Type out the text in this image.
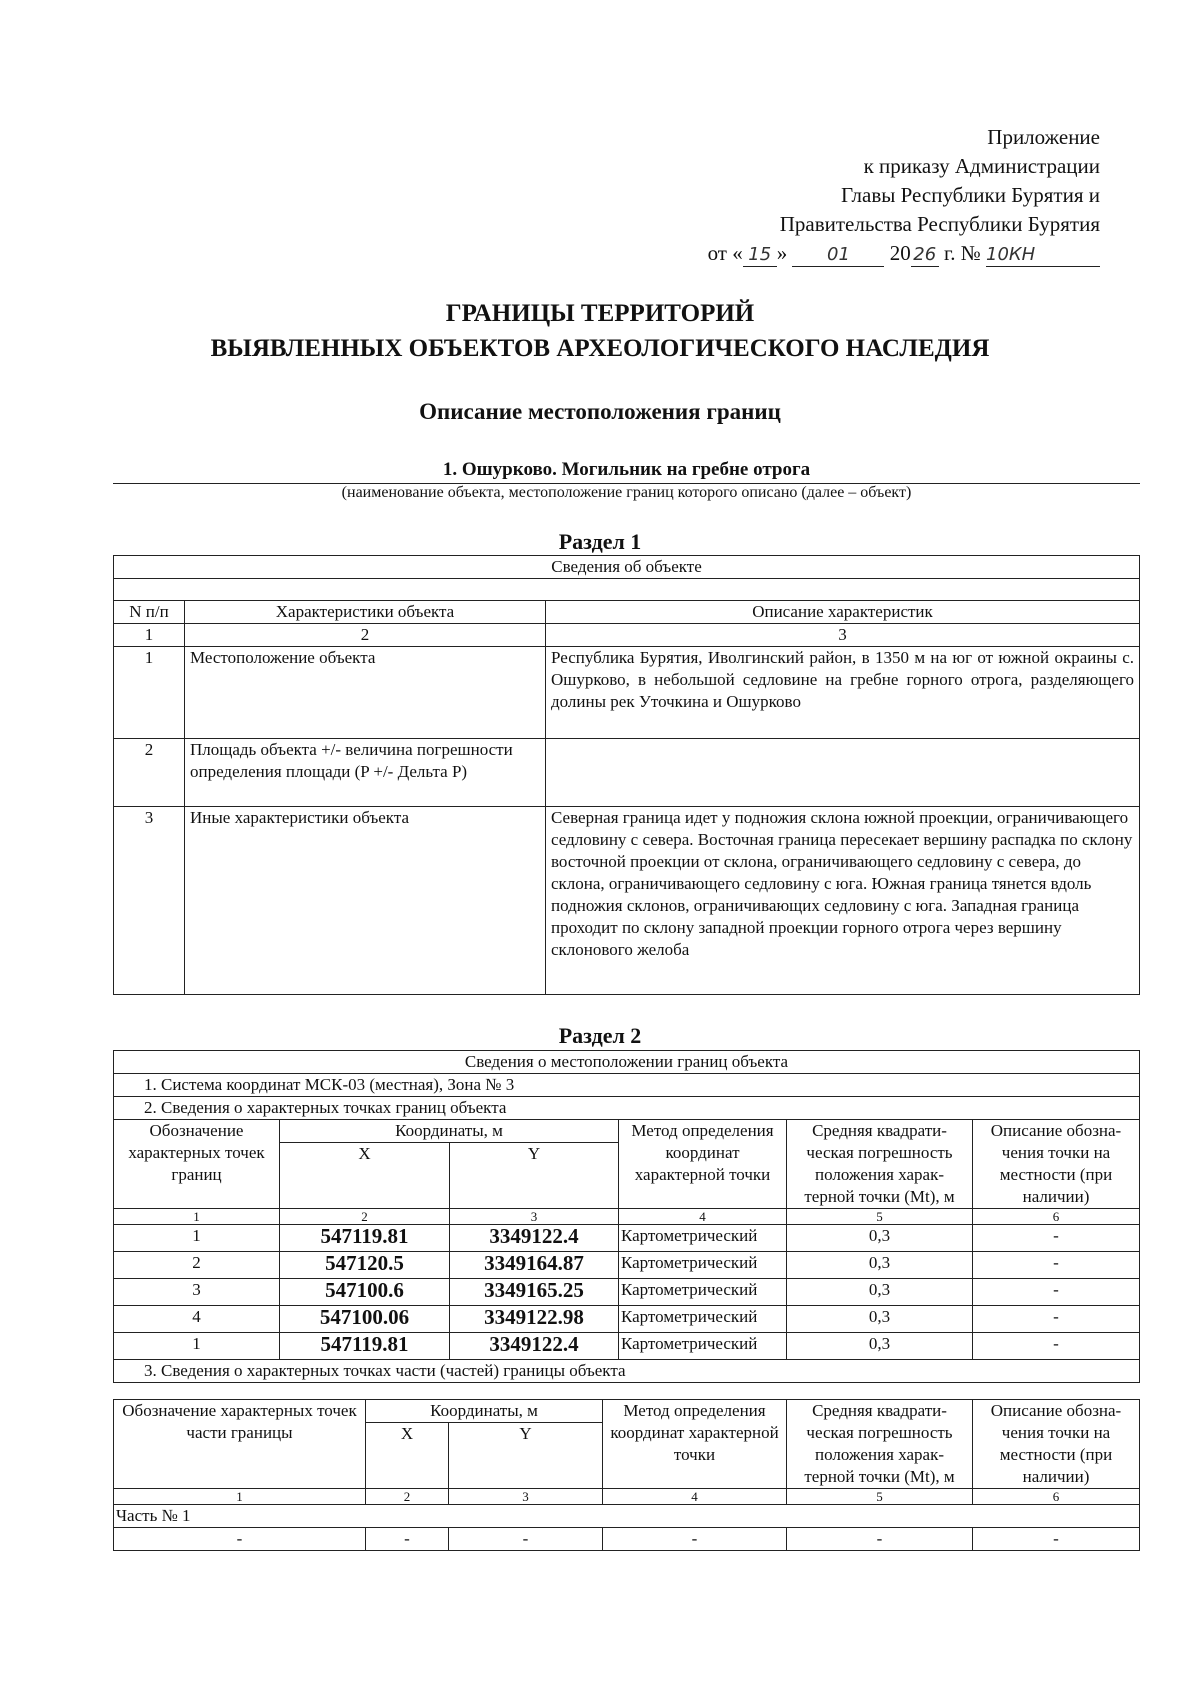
Приложение
к приказу Администрации
Главы Республики Бурятия и
Правительства Республики Бурятия
от « 15 » 01 20 26 г. № 10КН
ГРАНИЦЫ ТЕРРИТОРИЙ
ВЫЯВЛЕННЫХ ОБЪЕКТОВ АРХЕОЛОГИЧЕСКОГО НАСЛЕДИЯ
Описание местоположения границ
1. Ошурково. Могильник на гребне отрога
(наименование объекта, местоположение границ которого описано (далее – объект)
Раздел 1
Сведения об объекте		

N п/п	Характеристики объекта	Описание характеристик
1	2	3
1	Местоположение объекта	Республика Бурятия, Иволгинский район, в 1350 м на юг от южной окраины с. Ошурково, в небольшой седловине на гребне горного отрога, разделяющего долины рек Уточкина и Ошурково
2	Площадь объекта +/- величина погрешности определения площади (P +/- Дельта P)	
3	Иные характеристики объекта	Северная граница идет у подножия склона южной проекции, ограничивающего седловину с севера. Восточная граница пересекает вершину распадка по склону восточной проекции от склона, ограничивающего седловину с севера, до склона, ограничивающего седловину с юга. Южная граница тянется вдоль подножия склонов, ограничивающих седловину с юга. Западная граница проходит по склону западной проекции горного отрога через вершину склонового желоба
Раздел 2
Сведения о местоположении границ объекта					
1. Система координат МСК-03 (местная), Зона № 3					
2. Сведения о характерных точках границ объекта					
Обозначение характерных точек границ	Координаты, м		Метод определения координат характерной точки	Средняя квадрати-ческая погрешность положения харак-терной точки (Mt), м	Описание обозна-чения точки на местности (при наличии)
	X	Y			
1	2	3	4	5	6
1	547119.81	3349122.4	Картометрический	0,3	-
2	547120.5	3349164.87	Картометрический	0,3	-
3	547100.6	3349165.25	Картометрический	0,3	-
4	547100.06	3349122.98	Картометрический	0,3	-
1	547119.81	3349122.4	Картометрический	0,3	-
3. Сведения о характерных точках части (частей) границы объекта					
Обозначение характерных точек части границы	Координаты, м		Метод определения координат характерной точки	Средняя квадрати-ческая погрешность положения харак-терной точки (Mt), м	Описание обозна-чения точки на местности (при наличии)
	X	Y			
1	2	3	4	5	6
Часть № 1					
-	-	-	-	-	-
